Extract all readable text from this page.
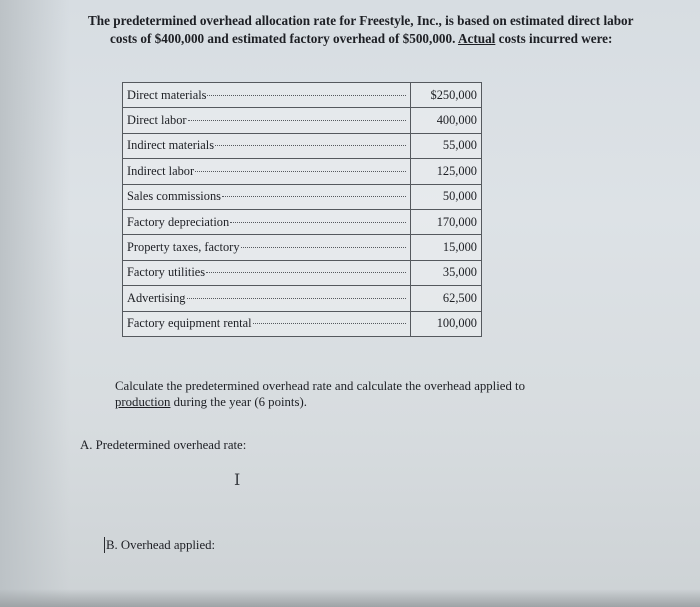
The predetermined overhead allocation rate for Freestyle, Inc., is based on estimated direct labor
costs of $400,000 and estimated factory overhead of $500,000. Actual costs incurred were:
Direct materials	$250,000

Direct labor	400,000

Indirect materials	55,000

Indirect labor	125,000

Sales commissions	50,000

Factory depreciation	170,000

Property taxes, factory	15,000

Factory utilities	35,000

Advertising	62,500

Factory equipment rental	100,000
Calculate the predetermined overhead rate and calculate the overhead applied to
production during the year (6 points).
A. Predetermined overhead rate:
I
B. Overhead applied:
